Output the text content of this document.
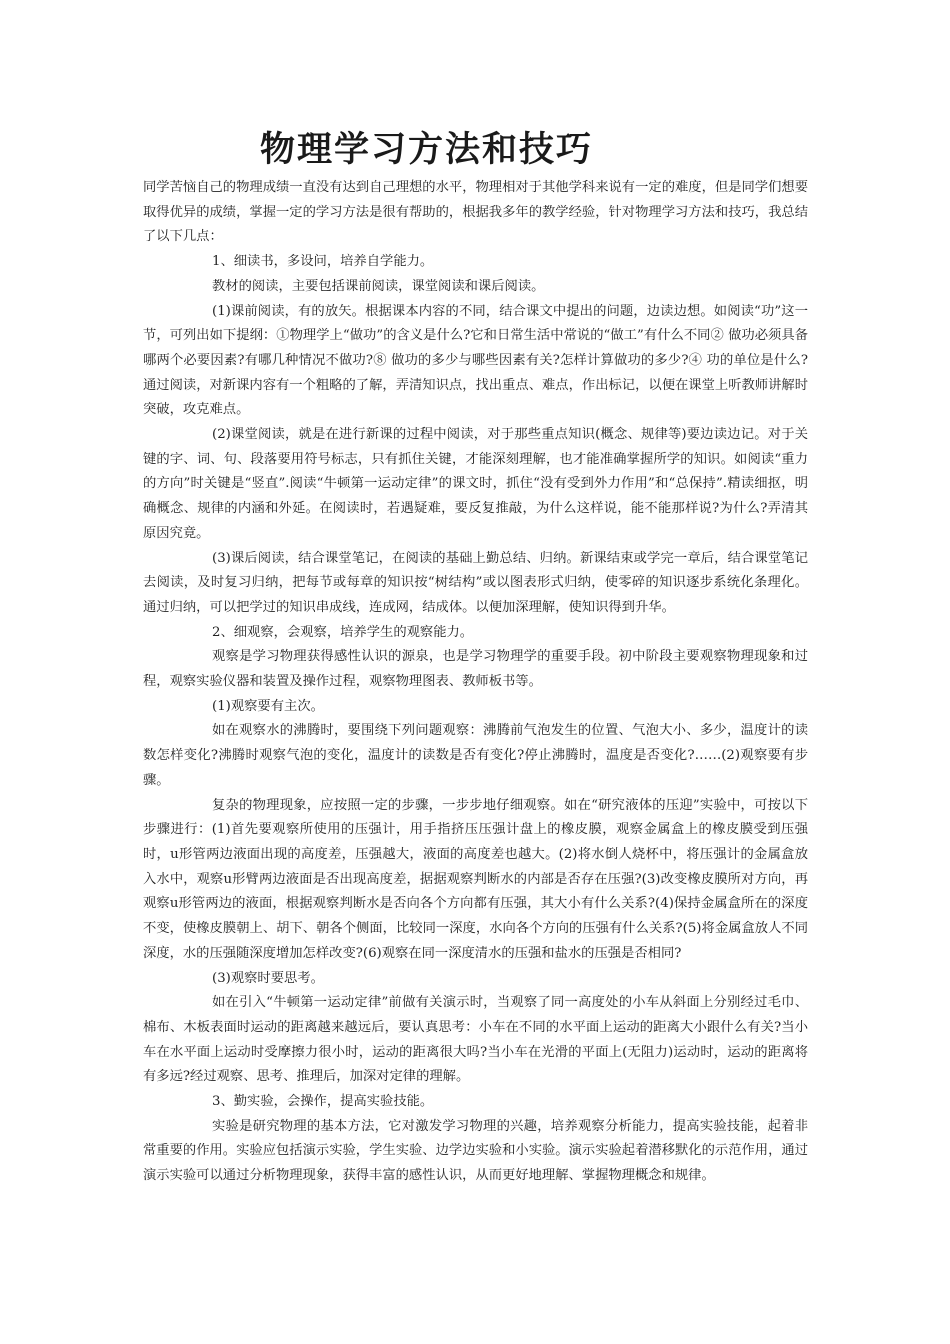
物理学习方法和技巧

同学苦恼自己的物理成绩一直没有达到自己理想的水平，物理相对于其他学科来说有一定的难度，但是同学们想要取得优异的成绩，掌握一定的学习方法是很有帮助的，根据我多年的教学经验，针对物理学习方法和技巧，我总结了以下几点：

1、细读书，多设问，培养自学能力。

教材的阅读，主要包括课前阅读，课堂阅读和课后阅读。

(1)课前阅读，有的放矢。根据课本内容的不同，结合课文中提出的问题，边读边想。如阅读“功”这一节，可列出如下提纲：①物理学上“做功”的含义是什么?它和日常生活中常说的“做工”有什么不同② 做功必须具备哪两个必要因素?有哪几种情况不做功?⑧ 做功的多少与哪些因素有关?怎样计算做功的多少?④ 功的单位是什么?通过阅读，对新课内容有一个粗略的了解，弄清知识点，找出重点、难点，作出标记，以便在课堂上听教师讲解时突破，攻克难点。

(2)课堂阅读，就是在进行新课的过程中阅读，对于那些重点知识(概念、规律等)要边读边记。对于关键的字、词、句、段落要用符号标志，只有抓住关键，才能深刻理解，也才能准确掌握所学的知识。如阅读“重力的方向”时关键是“竖直”.阅读“牛顿第一运动定律”的课文时，抓住“没有受到外力作用”和“总保持”.精读细抠，明确概念、规律的内涵和外延。在阅读时，若遇疑难，要反复推敲，为什么这样说，能不能那样说?为什么?弄清其原因究竟。

(3)课后阅读，结合课堂笔记，在阅读的基础上勤总结、归纳。新课结束或学完一章后，结合课堂笔记去阅读，及时复习归纳，把每节或每章的知识按“树结构”或以图表形式归纳，使零碎的知识逐步系统化条理化。通过归纳，可以把学过的知识串成线，连成网，结成体。以便加深理解，使知识得到升华。

2、细观察，会观察，培养学生的观察能力。

观察是学习物理获得感性认识的源泉，也是学习物理学的重要手段。初中阶段主要观察物理现象和过程，观察实验仪器和装置及操作过程，观察物理图表、教师板书等。

(1)观察要有主次。

如在观察水的沸腾时，要围绕下列问题观察：沸腾前气泡发生的位置、气泡大小、多少，温度计的读数怎样变化?沸腾时观察气泡的变化，温度计的读数是否有变化?停止沸腾时，温度是否变化?……(2)观察要有步骤。

复杂的物理现象，应按照一定的步骤，一步步地仔细观察。如在“研究液体的压迎”实验中，可按以下步骤进行：(1)首先要观察所使用的压强计，用手指挤压压强计盘上的橡皮膜，观察金属盒上的橡皮膜受到压强时，u形管两边液面出现的高度差，压强越大，液面的高度差也越大。(2)将水倒人烧杯中，将压强计的金属盒放入水中，观察u形臂两边液面是否出现高度差，据据观察判断水的内部是否存在压强?(3)改变橡皮膜所对方向，再观察u形管两边的液面，根据观察判断水是否向各个方向都有压强，其大小有什么关系?(4)保持金属盒所在的深度不变，使橡皮膜朝上、胡下、朝各个侧面，比较同一深度，水向各个方向的压强有什么关系?(5)将金属盒放人不同深度，水的压强随深度增加怎样改变?(6)观察在同一深度清水的压强和盐水的压强是否相同?

(3)观察时要思考。

如在引入“牛顿第一运动定律”前做有关演示时，当观察了同一高度处的小车从斜面上分别经过毛巾、棉布、木板表面时运动的距离越来越远后，要认真思考：小车在不同的水平面上运动的距离大小跟什么有关?当小车在水平面上运动时受摩擦力很小时，运动的距离很大吗?当小车在光滑的平面上(无阻力)运动时，运动的距离将有多远?经过观察、思考、推理后，加深对定律的理解。

3、勤实验，会操作，提高实验技能。

实验是研究物理的基本方法，它对激发学习物理的兴趣，培养观察分析能力，提高实验技能，起着非常重要的作用。实验应包括演示实验，学生实验、边学边实验和小实验。演示实验起着潜移默化的示范作用，通过演示实验可以通过分析物理现象，获得丰富的感性认识，从而更好地理解、掌握物理概念和规律。
